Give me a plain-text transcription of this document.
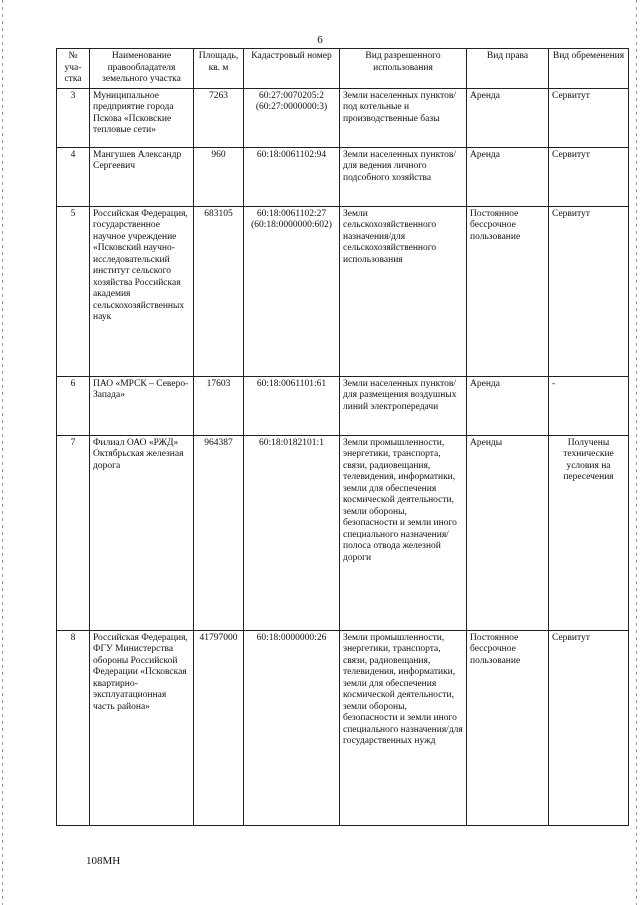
6
№ уча-стка	Наименование правообладателя земельного участка	Площадь, кв. м	Кадастровый номер	Вид разрешенного использования	Вид права	Вид обременения
3	Муниципальное предприятие города Пскова «Псковские тепловые сети»	7263	60:27:0070205:2 (60:27:0000000:3)	Земли населенных пунктов/под котельные и производственные базы	Аренда	Сервитут
4	Мангушев Александр Сергеевич	960	60:18:0061102:94	Земли населенных пунктов/для ведения личного подсобного хозяйства	Аренда	Сервитут
5	Российская Федерация, государственное научное учреждение «Псковский научно-исследовательский институт сельского хозяйства Российская академия сельскохозяйственных наук	683105	60:18:0061102:27 (60:18:0000000:602)	Земли сельскохозяйственного назначения/для сельскохозяйственного использования	Постоянное бессрочное пользование	Сервитут
6	ПАО «МРСК – Северо-Запада»	17603	60:18:0061101:61	Земли населенных пунктов/для размещения воздушных линий электропередачи	Аренда	-
7	Филиал ОАО «РЖД» Октябрьская железная дорога	964387	60:18:0182101:1	Земли промышленности, энергетики, транспорта, связи, радиовещания, телевидения, информатики, земли для обеспечения космической деятельности, земли обороны, безопасности и земли иного специального назначения/полоса отвода железной дороги	Аренды	Получены технические условия на пересечения
8	Российская Федерация, ФГУ Министерства обороны Российской Федерации «Псковская квартирно-эксплуатационная часть района»	41797000	60:18:0000000:26	Земли промышленности, энергетики, транспорта, связи, радиовещания, телевидения, информатики, земли для обеспечения космической деятельности, земли обороны, безопасности и земли иного специального назначения/для государственных нужд	Постоянное бессрочное пользование	Сервитут
108МН
